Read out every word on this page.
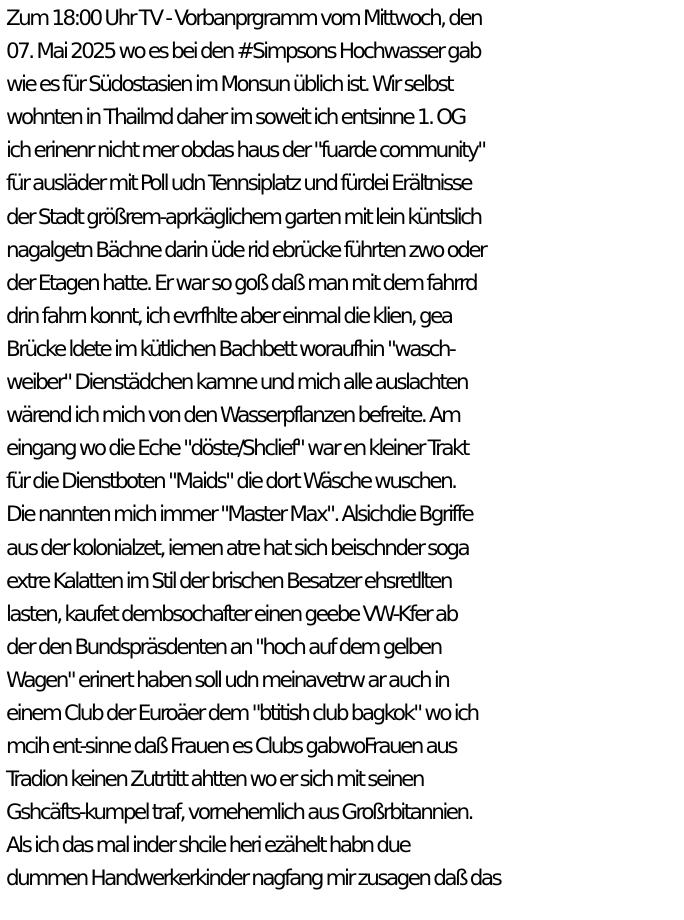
Zum 18:00 Uhr TV - Vorbanprgramm vom Mittwoch, den
07. Mai 2025 wo es bei den #Simpsons Hochwasser gab
wie es für Südostasien im Monsun üblich ist. Wir selbst
wohnten in Thailmd daher im soweit ich entsinne 1. OG
ich erinenr nicht mer obdas haus der "fuarde community"
für ausläder mit Poll udn Tennsiplatz und fürdei Erältnisse
der Stadt größrem-aprkäglichem garten mit lein küntslich
nagalgetn Bächne darin üde rid ebrücke führten zwo oder
der Etagen hatte. Er war so goß daß man mit dem fahrrd
drin fahrn konnt, ich evrfhlte aber einmal die klien, gea
Brücke ldete im kütlichen Bachbett woraufhin "wasch-
weiber" Dienstädchen kamne und mich alle auslachten
wärend ich mich von den Wasserpflanzen befreite. Am
eingang wo die Eche "döste/Shclief" war en kleiner Trakt
für die Dienstboten "Maids" die dort Wäsche wuschen.
Die nannten mich immer "Master Max". Alsichdie Bgriffe
aus der kolonialzet, iemen atre hat sich beischnder soga
extre Kalatten im Stil der brischen Besatzer ehsretllten
lasten, kaufet dembsochafter einen geebe VW-Kfer ab
der den Bundspräsdenten an "hoch auf dem gelben
Wagen" erinert haben soll udn meinavetrw ar auch in
einem Club der Euroäer dem "btitish club bagkok" wo ich
mcih ent-sinne daß Frauen es Clubs gabwoFrauen aus
Tradion keinen Zutrtitt ahtten wo er sich mit seinen
Gshcäfts-kumpel traf, vornehemlich aus Großrbitannien.
Als ich das mal inder shcile heri ezähelt habn due
dummen Handwerkerkinder nagfang mir zusagen daß das
